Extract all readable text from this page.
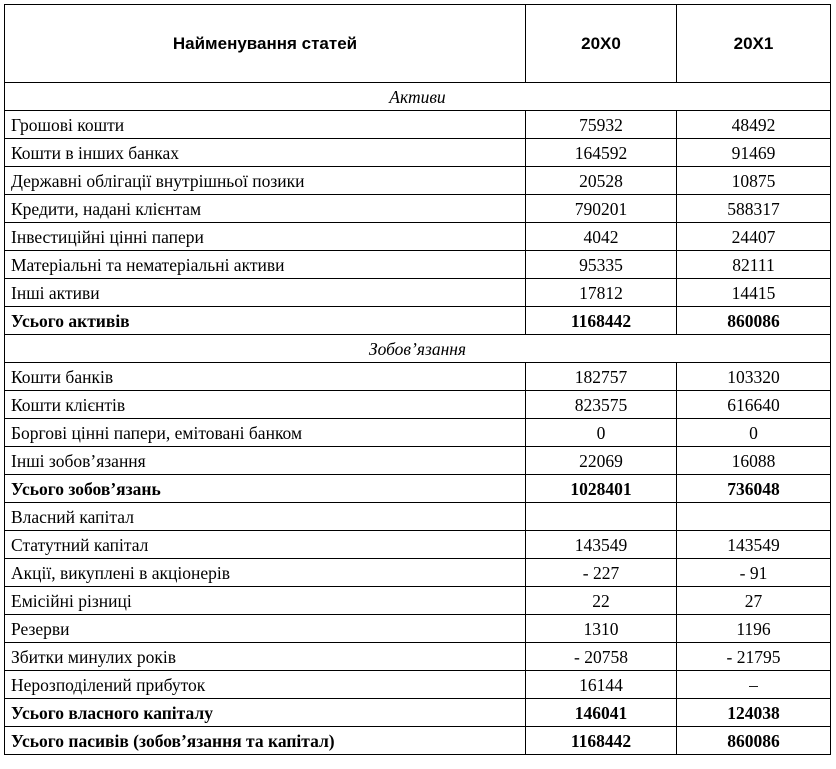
Найменування статей	20X0	20X1
Активи		
Грошові кошти	75932	48492
Кошти в інших банках	164592	91469
Державні облігації внутрішньої позики	20528	10875
Кредити, надані клієнтам	790201	588317
Інвестиційні цінні папери	4042	24407
Матеріальні та нематеріальні активи	95335	82111
Інші активи	17812	14415
Усього активів	1168442	860086
Зобов’язання		
Кошти банків	182757	103320
Кошти клієнтів	823575	616640
Боргові цінні папери, емітовані банком	0	0
Інші зобов’язання	22069	16088
Усього зобов’язань	1028401	736048
Власний капітал		
Статутний капітал	143549	143549
Акції, викуплені в акціонерів	- 227	- 91
Емісійні різниці	22	27
Резерви	1310	1196
Збитки минулих років	- 20758	- 21795
Нерозподілений прибуток	16144	–
Усього власного капіталу	146041	124038
Усього пасивів (зобов’язання та капітал)	1168442	860086
